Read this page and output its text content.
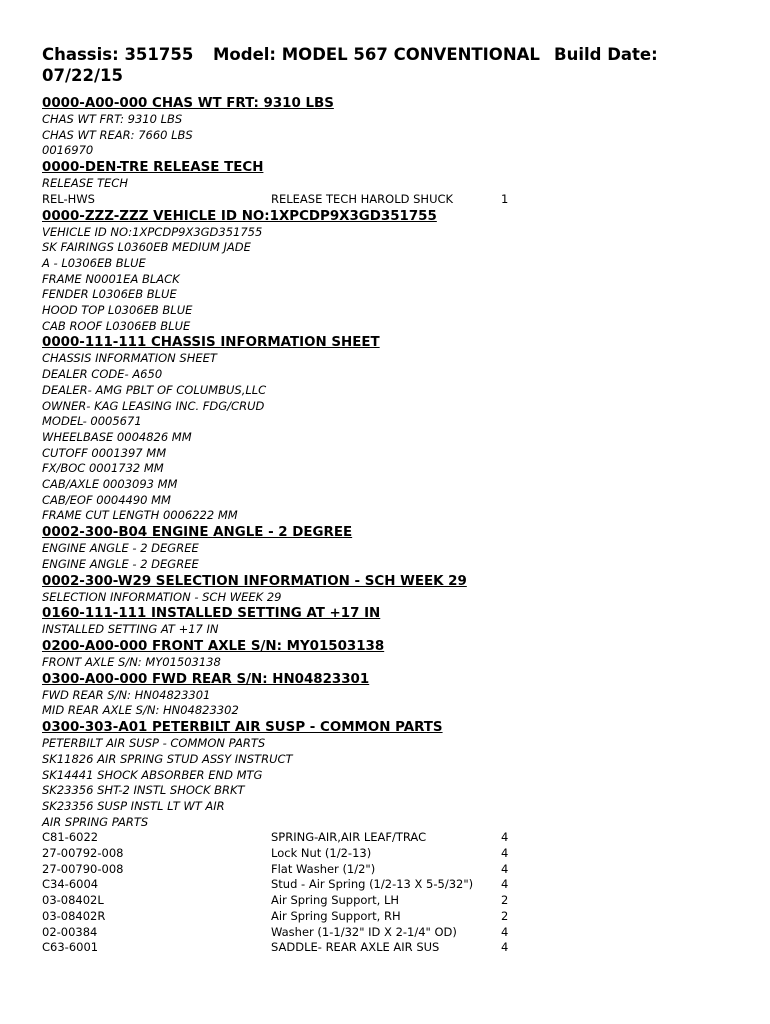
Chassis: 351755 Model: MODEL 567 CONVENTIONAL Build Date:
07/22/15
0000-A00-000 CHAS WT FRT: 9310 LBS
CHAS WT FRT: 9310 LBS
CHAS WT REAR: 7660 LBS
0016970
0000-DEN-TRE RELEASE TECH
RELEASE TECH
REL-HWS	RELEASE TECH HAROLD SHUCK	1
0000-ZZZ-ZZZ VEHICLE ID NO:1XPCDP9X3GD351755
VEHICLE ID NO:1XPCDP9X3GD351755
SK FAIRINGS L0360EB MEDIUM JADE
A - L0306EB BLUE
FRAME N0001EA BLACK
FENDER L0306EB BLUE
HOOD TOP L0306EB BLUE
CAB ROOF L0306EB BLUE
0000-111-111 CHASSIS INFORMATION SHEET
CHASSIS INFORMATION SHEET
DEALER CODE- A650
DEALER- AMG PBLT OF COLUMBUS,LLC
OWNER- KAG LEASING INC. FDG/CRUD
MODEL- 0005671
WHEELBASE 0004826 MM
CUTOFF 0001397 MM
FX/BOC 0001732 MM
CAB/AXLE 0003093 MM
CAB/EOF 0004490 MM
FRAME CUT LENGTH 0006222 MM
0002-300-B04 ENGINE ANGLE - 2 DEGREE
ENGINE ANGLE - 2 DEGREE
ENGINE ANGLE - 2 DEGREE
0002-300-W29 SELECTION INFORMATION - SCH WEEK 29
SELECTION INFORMATION - SCH WEEK 29
0160-111-111 INSTALLED SETTING AT +17 IN
INSTALLED SETTING AT +17 IN
0200-A00-000 FRONT AXLE S/N: MY01503138
FRONT AXLE S/N: MY01503138
0300-A00-000 FWD REAR S/N: HN04823301
FWD REAR S/N: HN04823301
MID REAR AXLE S/N: HN04823302
0300-303-A01 PETERBILT AIR SUSP - COMMON PARTS
PETERBILT AIR SUSP - COMMON PARTS
SK11826 AIR SPRING STUD ASSY INSTRUCT
SK14441 SHOCK ABSORBER END MTG
SK23356 SHT-2 INSTL SHOCK BRKT
SK23356 SUSP INSTL LT WT AIR
AIR SPRING PARTS
C81-6022	SPRING-AIR,AIR LEAF/TRAC	4
27-00792-008	Lock Nut (1/2-13)	4
27-00790-008	Flat Washer (1/2")	4
C34-6004	Stud - Air Spring (1/2-13 X 5-5/32")	4
03-08402L	Air Spring Support, LH	2
03-08402R	Air Spring Support, RH	2
02-00384	Washer (1-1/32" ID X 2-1/4" OD)	4
C63-6001	SADDLE- REAR AXLE AIR SUS	4
